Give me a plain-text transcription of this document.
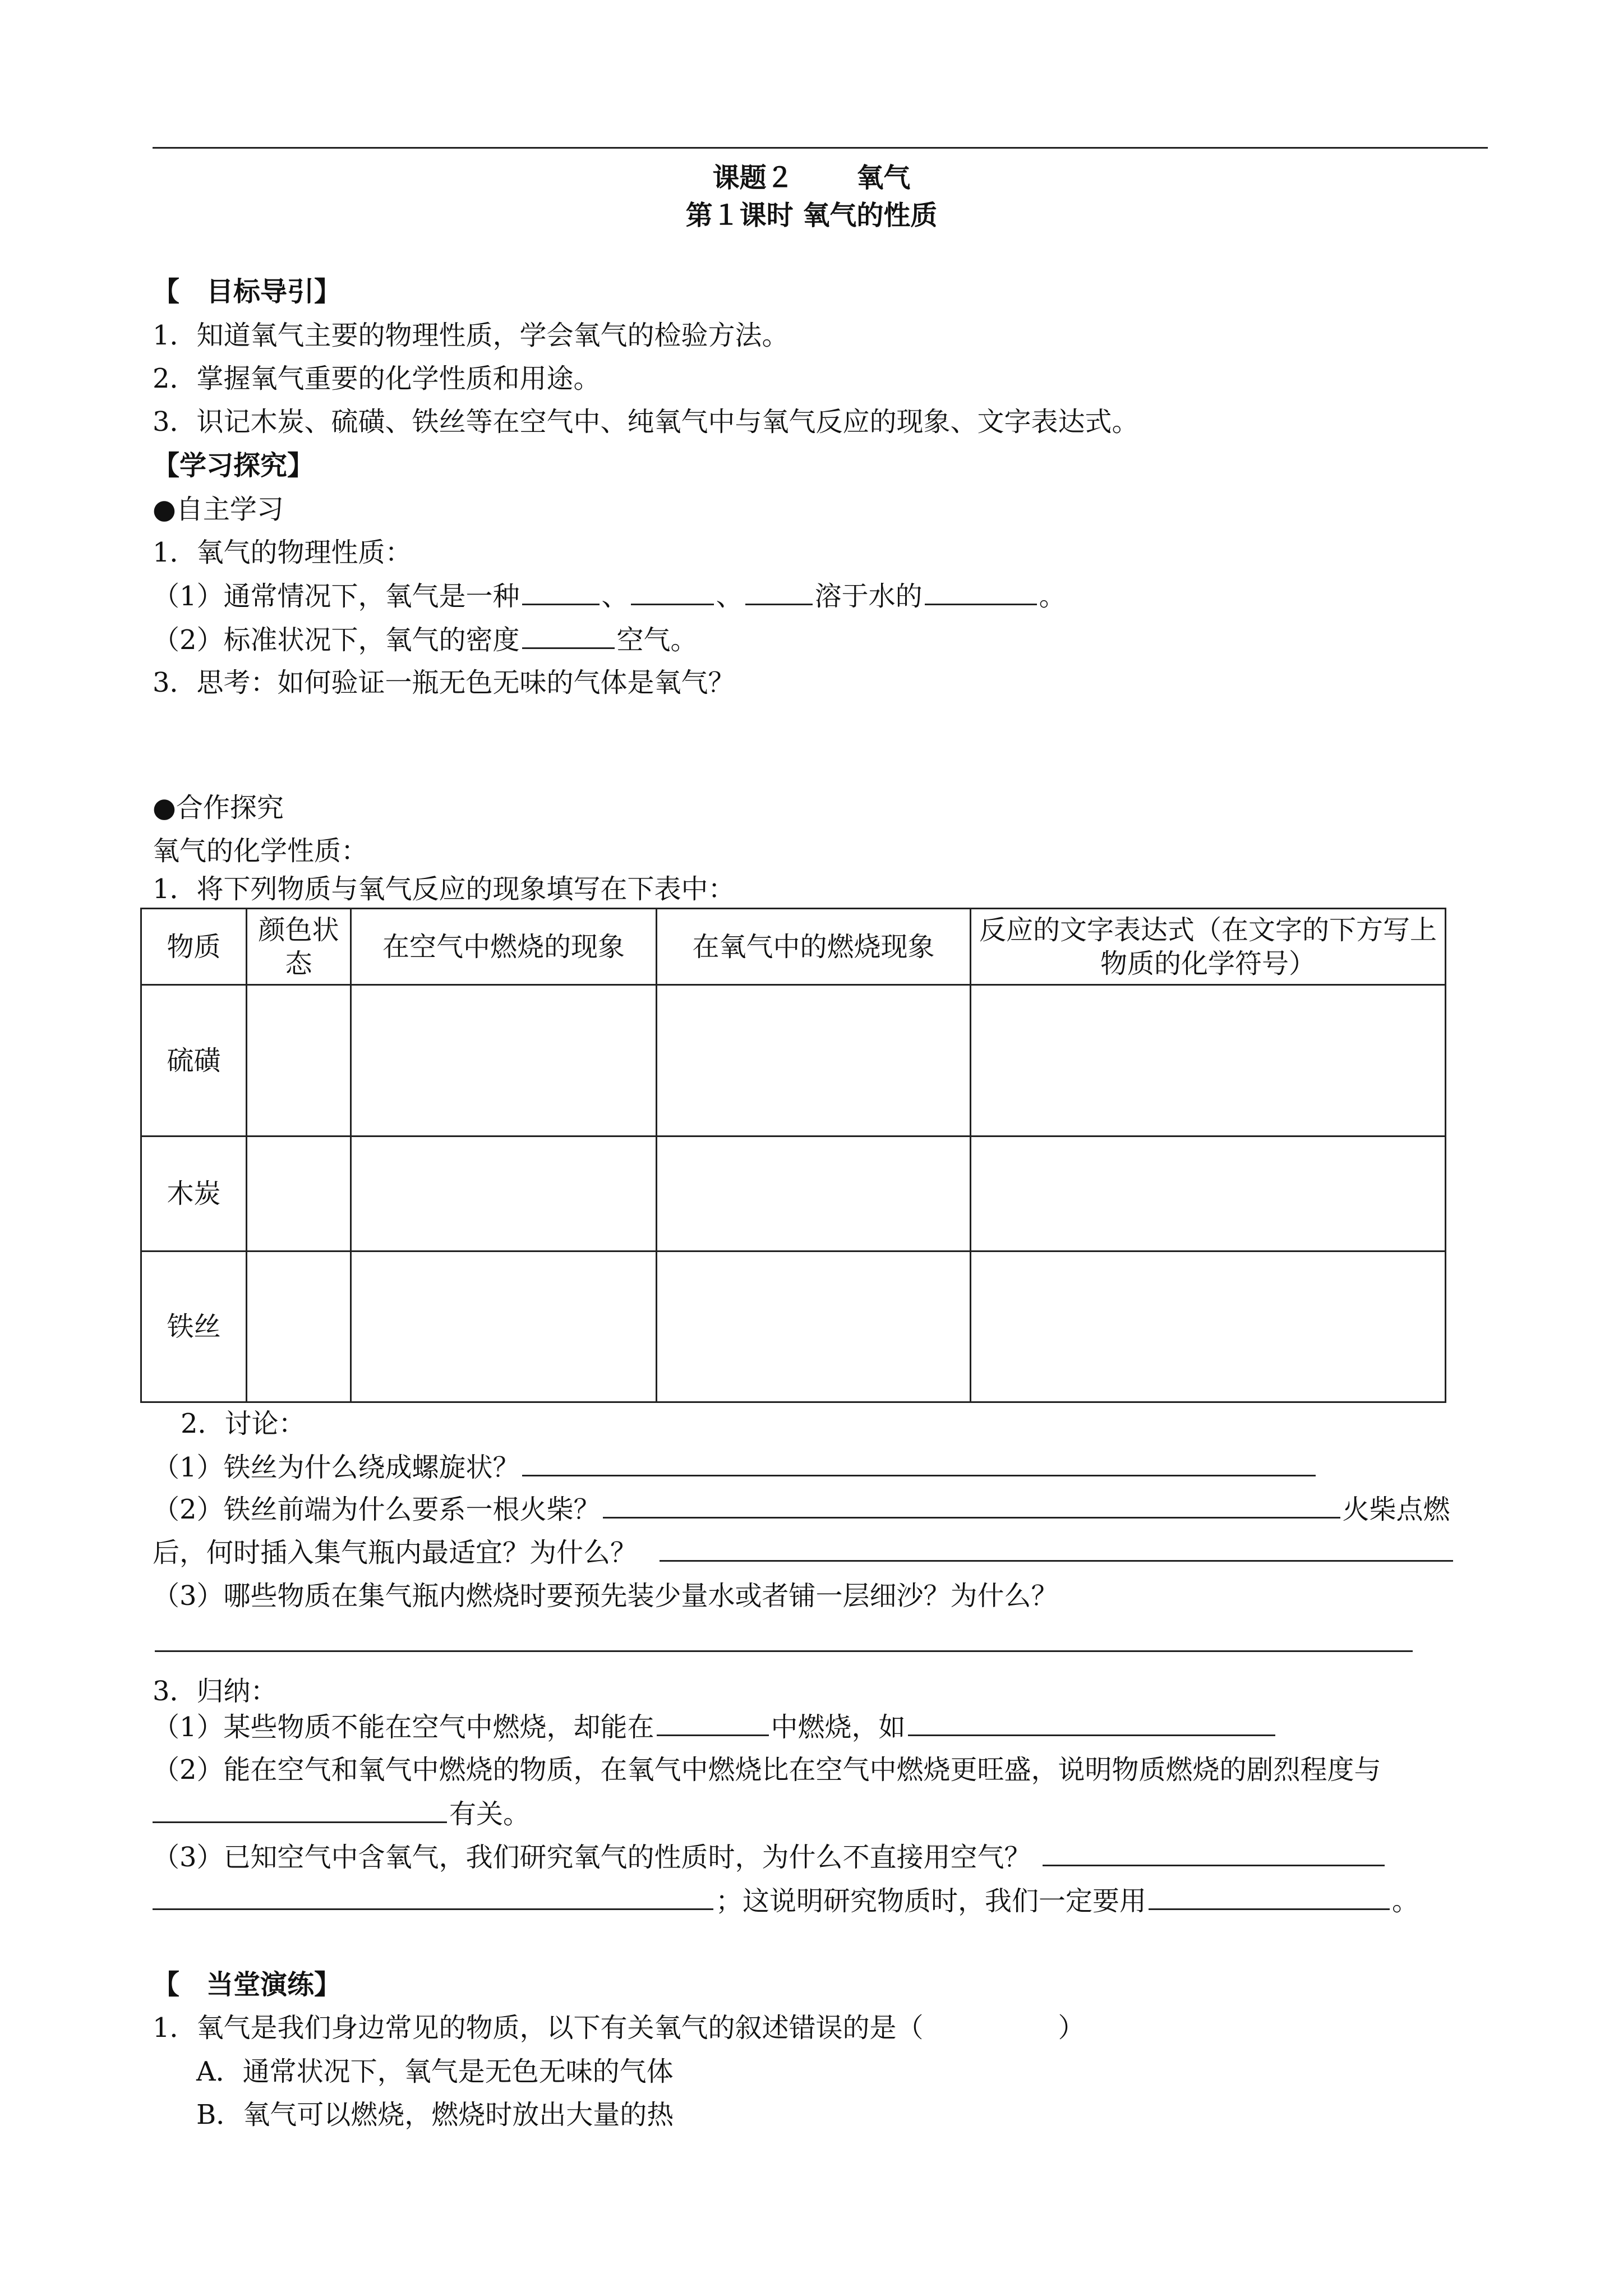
课题２ 　　氧气
第１课时 氧气的性质
【　目标导引】
1．知道氧气主要的物理性质，学会氧气的检验方法。
2．掌握氧气重要的化学性质和用途。
3．识记木炭、硫磺、铁丝等在空气中、纯氧气中与氧气反应的现象、文字表达式。
【学习探究】
●自主学习
1．氧气的物理性质：
（1）通常情况下，氧气是一种	、	、	溶于水的	。
（2）标准状况下，氧气的密度	空气。
3．思考：如何验证一瓶无色无味的气体是氧气？
●合作探究
氧气的化学性质：
1．将下列物质与氧气反应的现象填写在下表中：
物质	颜色状态	在空气中燃烧的现象	在氧气中的燃烧现象	反应的文字表达式（在文字的下方写上物质的化学符号）
硫磺				
木炭				
铁丝				
2．讨论：
（1）铁丝为什么绕成螺旋状？
（2）铁丝前端为什么要系一根火柴？	火柴点燃
后，何时插入集气瓶内最适宜？为什么？
（3）哪些物质在集气瓶内燃烧时要预先装少量水或者铺一层细沙？为什么？
3．归纳：
（1）某些物质不能在空气中燃烧，却能在	中燃烧，如
（2）能在空气和氧气中燃烧的物质，在氧气中燃烧比在空气中燃烧更旺盛，说明物质燃烧的剧烈程度与
有关。
（3）已知空气中含氧气，我们研究氧气的性质时，为什么不直接用空气？
；这说明研究物质时，我们一定要用	。
【　当堂演练】
1．氧气是我们身边常见的物质，以下有关氧气的叙述错误的是（　　　　　）
A．通常状况下，氧气是无色无味的气体
B．氧气可以燃烧，燃烧时放出大量的热
